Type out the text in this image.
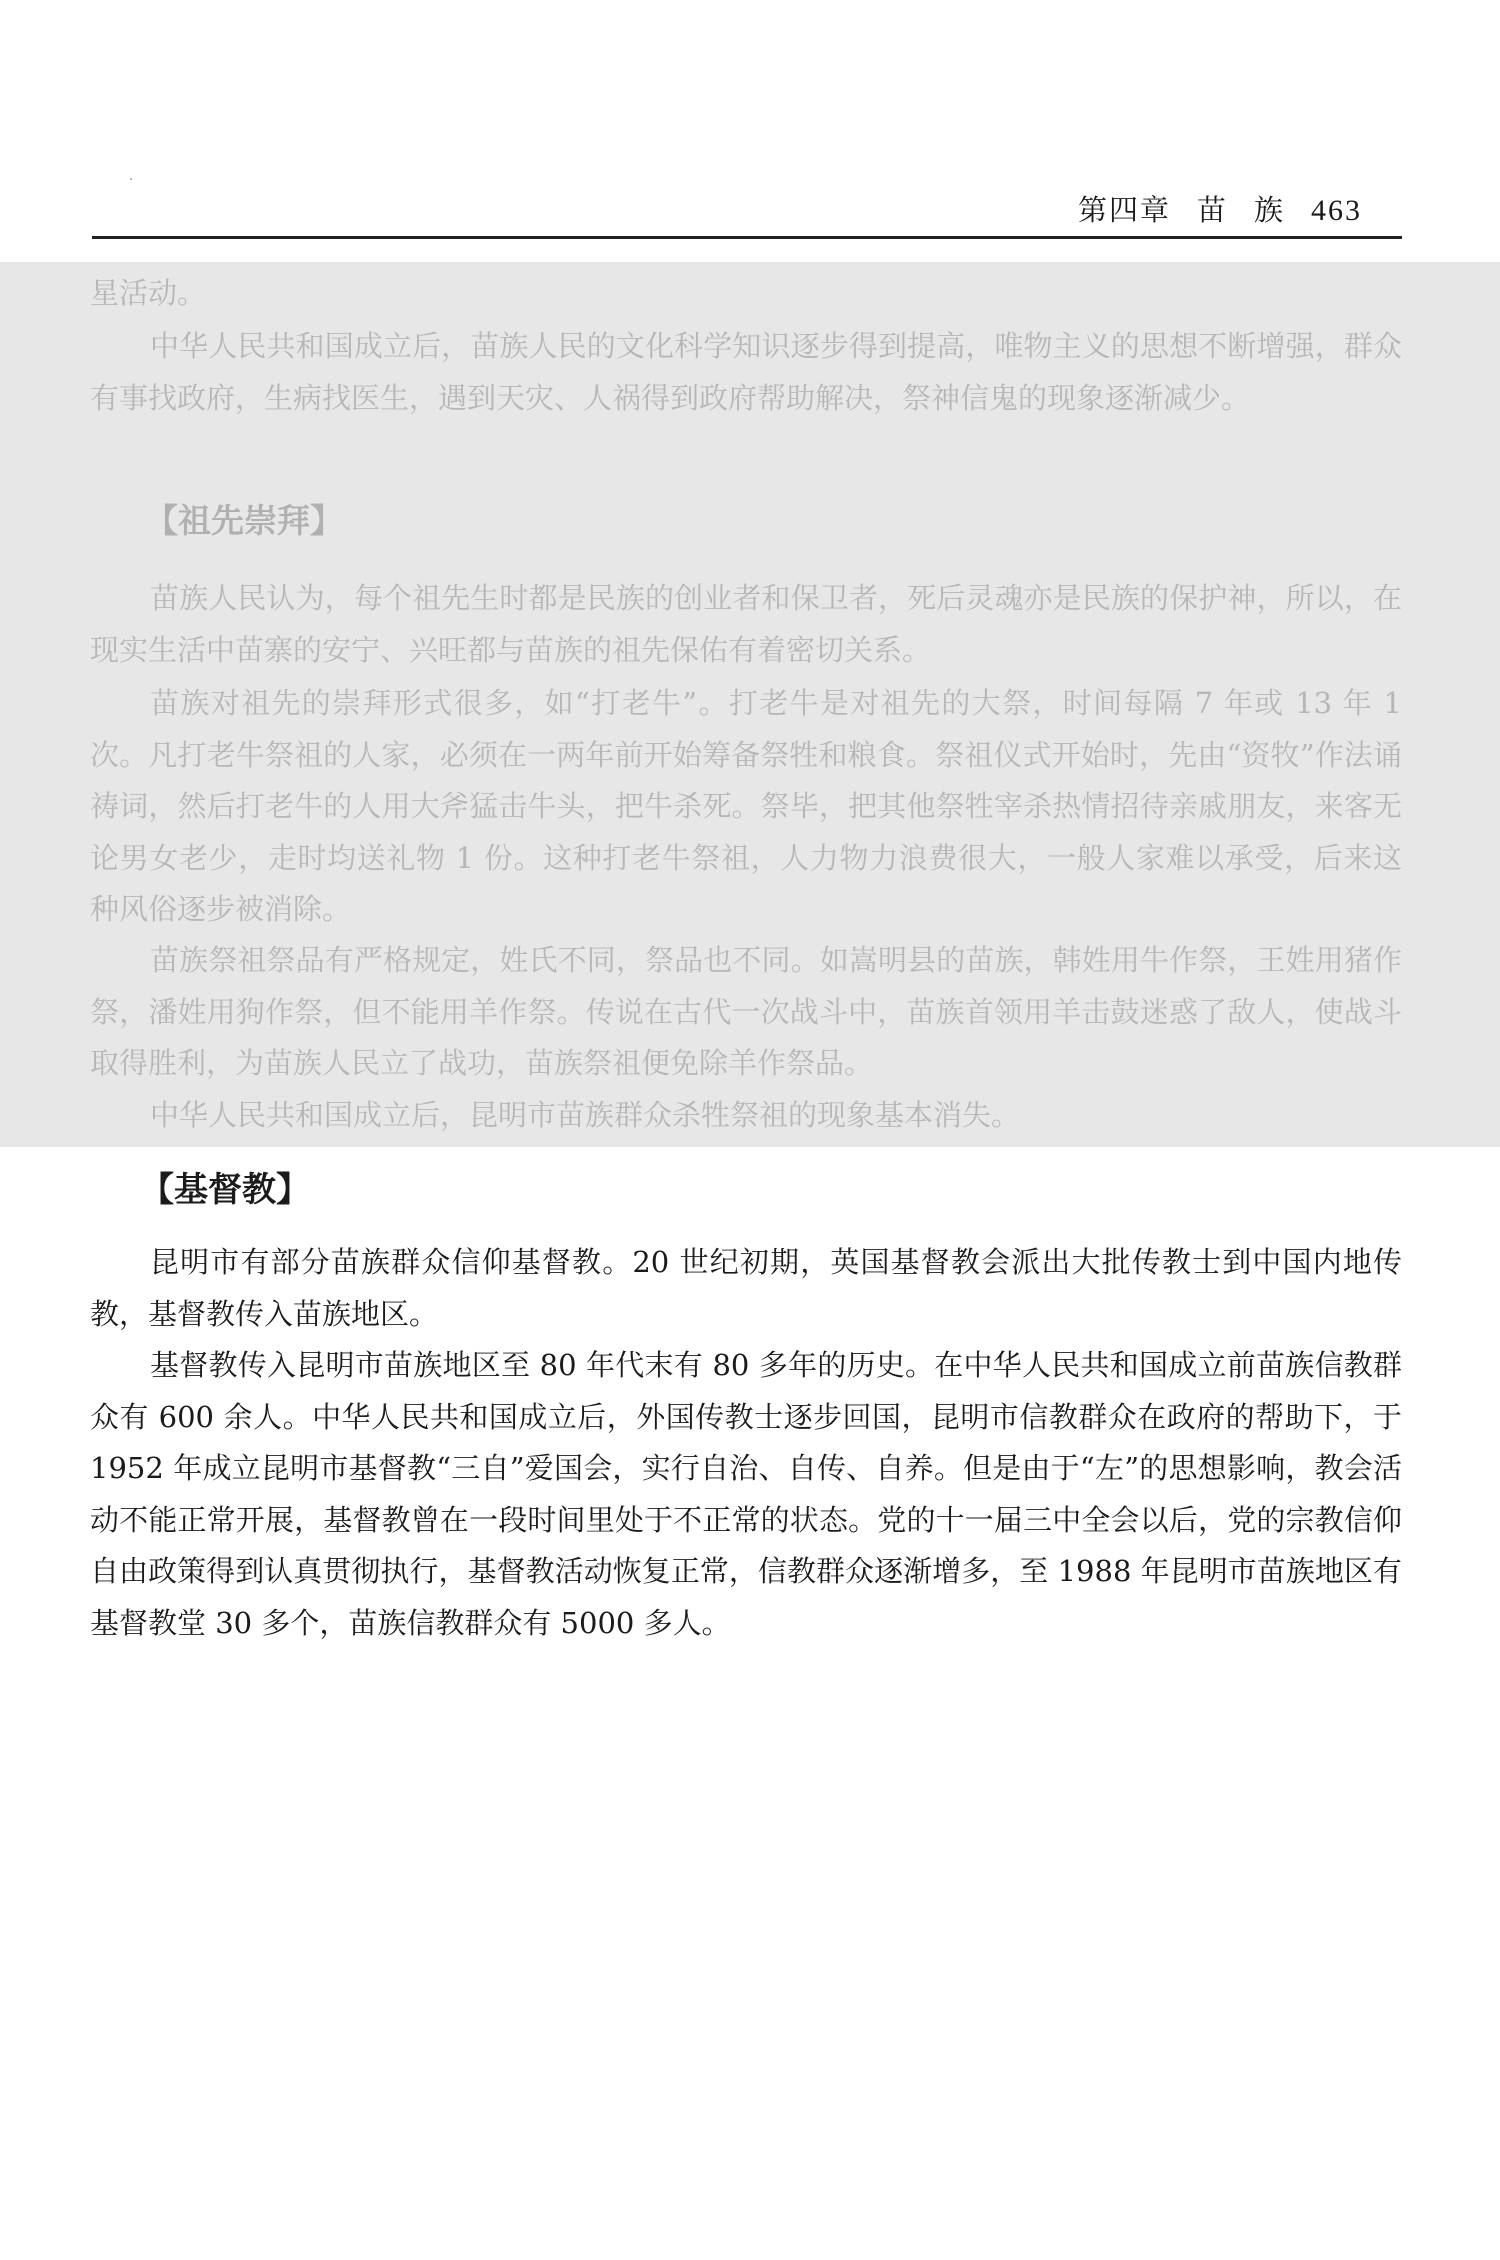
第四章 苗 族 463

星活动。

中华人民共和国成立后，苗族人民的文化科学知识逐步得到提高，唯物主义的思想不断增强，群众有事找政府，生病找医生，遇到天灾、人祸得到政府帮助解决，祭神信鬼的现象逐渐减少。

【祖先崇拜】

苗族人民认为，每个祖先生时都是民族的创业者和保卫者，死后灵魂亦是民族的保护神，所以，在现实生活中苗寨的安宁、兴旺都与苗族的祖先保佑有着密切关系。

苗族对祖先的崇拜形式很多，如“打老牛”。打老牛是对祖先的大祭，时间每隔 7 年或 13 年 1 次。凡打老牛祭祖的人家，必须在一两年前开始筹备祭牲和粮食。祭祖仪式开始时，先由“资牧”作法诵祷词，然后打老牛的人用大斧猛击牛头，把牛杀死。祭毕，把其他祭牲宰杀热情招待亲戚朋友，来客无论男女老少，走时均送礼物 1 份。这种打老牛祭祖，人力物力浪费很大，一般人家难以承受，后来这种风俗逐步被消除。

苗族祭祖祭品有严格规定，姓氏不同，祭品也不同。如嵩明县的苗族，韩姓用牛作祭，王姓用猪作祭，潘姓用狗作祭，但不能用羊作祭。传说在古代一次战斗中，苗族首领用羊击鼓迷惑了敌人，使战斗取得胜利，为苗族人民立了战功，苗族祭祖便免除羊作祭品。

中华人民共和国成立后，昆明市苗族群众杀牲祭祖的现象基本消失。

【基督教】

昆明市有部分苗族群众信仰基督教。20 世纪初期，英国基督教会派出大批传教士到中国内地传教，基督教传入苗族地区。

基督教传入昆明市苗族地区至 80 年代末有 80 多年的历史。在中华人民共和国成立前苗族信教群众有 600 余人。中华人民共和国成立后，外国传教士逐步回国，昆明市信教群众在政府的帮助下，于 1952 年成立昆明市基督教“三自”爱国会，实行自治、自传、自养。但是由于“左”的思想影响，教会活动不能正常开展，基督教曾在一段时间里处于不正常的状态。党的十一届三中全会以后，党的宗教信仰自由政策得到认真贯彻执行，基督教活动恢复正常，信教群众逐渐增多，至 1988 年昆明市苗族地区有基督教堂 30 多个，苗族信教群众有 5000 多人。
